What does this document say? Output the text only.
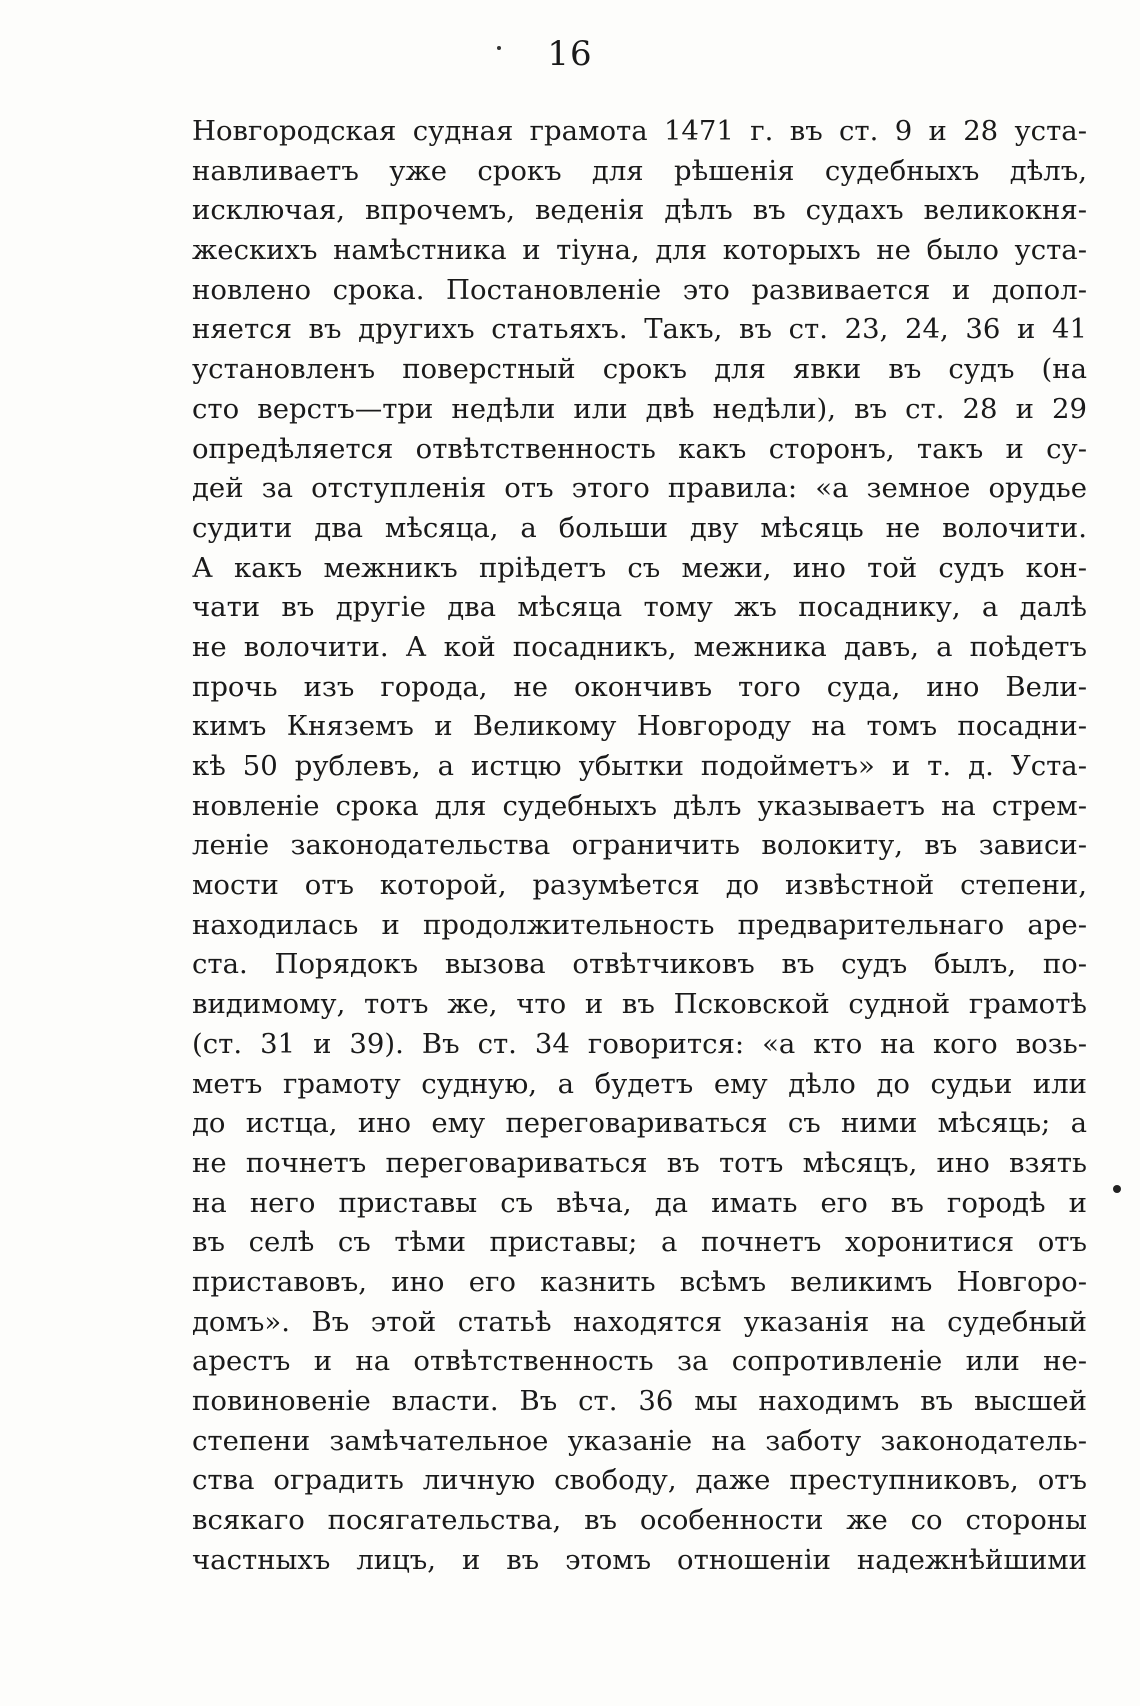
16
Новгородская судная грамота 1471 г. въ ст. 9 и 28 уста-
навливаетъ уже срокъ для рѣшенія судебныхъ дѣлъ,
исключая, впрочемъ, веденія дѣлъ въ судахъ великокня-
жескихъ намѣстника и тіуна, для которыхъ не было уста-
новлено срока. Постановленіе это развивается и допол-
няется въ другихъ статьяхъ. Такъ, въ ст. 23, 24, 36 и 41
установленъ поверстный срокъ для явки въ судъ (на
сто верстъ—три недѣли или двѣ недѣли), въ ст. 28 и 29
опредѣляется отвѣтственность какъ сторонъ, такъ и су-
дей за отступленія отъ этого правила: «а земное орудье
судити два мѣсяца, а больши дву мѣсяць не волочити.
А какъ межникъ пріѣдетъ съ межи, ино той судъ кон-
чати въ другіе два мѣсяца тому жъ посаднику, а далѣ
не волочити. А кой посадникъ, межника давъ, а поѣдетъ
прочь изъ города, не окончивъ того суда, ино Вели-
кимъ Княземъ и Великому Новгороду на томъ посадни-
кѣ 50 рублевъ, а истцю убытки подойметъ» и т. д. Уста-
новленіе срока для судебныхъ дѣлъ указываетъ на стрем-
леніе законодательства ограничить волокиту, въ зависи-
мости отъ которой, разумѣется до извѣстной степени,
находилась и продолжительность предварительнаго аре-
ста. Порядокъ вызова отвѣтчиковъ въ судъ былъ, по-
видимому, тотъ же, что и въ Псковской судной грамотѣ
(ст. 31 и 39). Въ ст. 34 говорится: «а кто на кого возь-
метъ грамоту судную, а будетъ ему дѣло до судьи или
до истца, ино ему переговариваться съ ними мѣсяць; а
не почнетъ переговариваться въ тотъ мѣсяцъ, ино взять
на него приставы съ вѣча, да имать его въ городѣ и
въ селѣ съ тѣми приставы; а почнетъ хоронитися отъ
приставовъ, ино его казнить всѣмъ великимъ Новгоро-
домъ». Въ этой статьѣ находятся указанія на судебный
арестъ и на отвѣтственность за сопротивленіе или не-
повиновеніе власти. Въ ст. 36 мы находимъ въ высшей
степени замѣчательное указаніе на заботу законодатель-
ства оградить личную свободу, даже преступниковъ, отъ
всякаго посягательства, въ особенности же со стороны
частныхъ лицъ, и въ этомъ отношеніи надежнѣйшими
